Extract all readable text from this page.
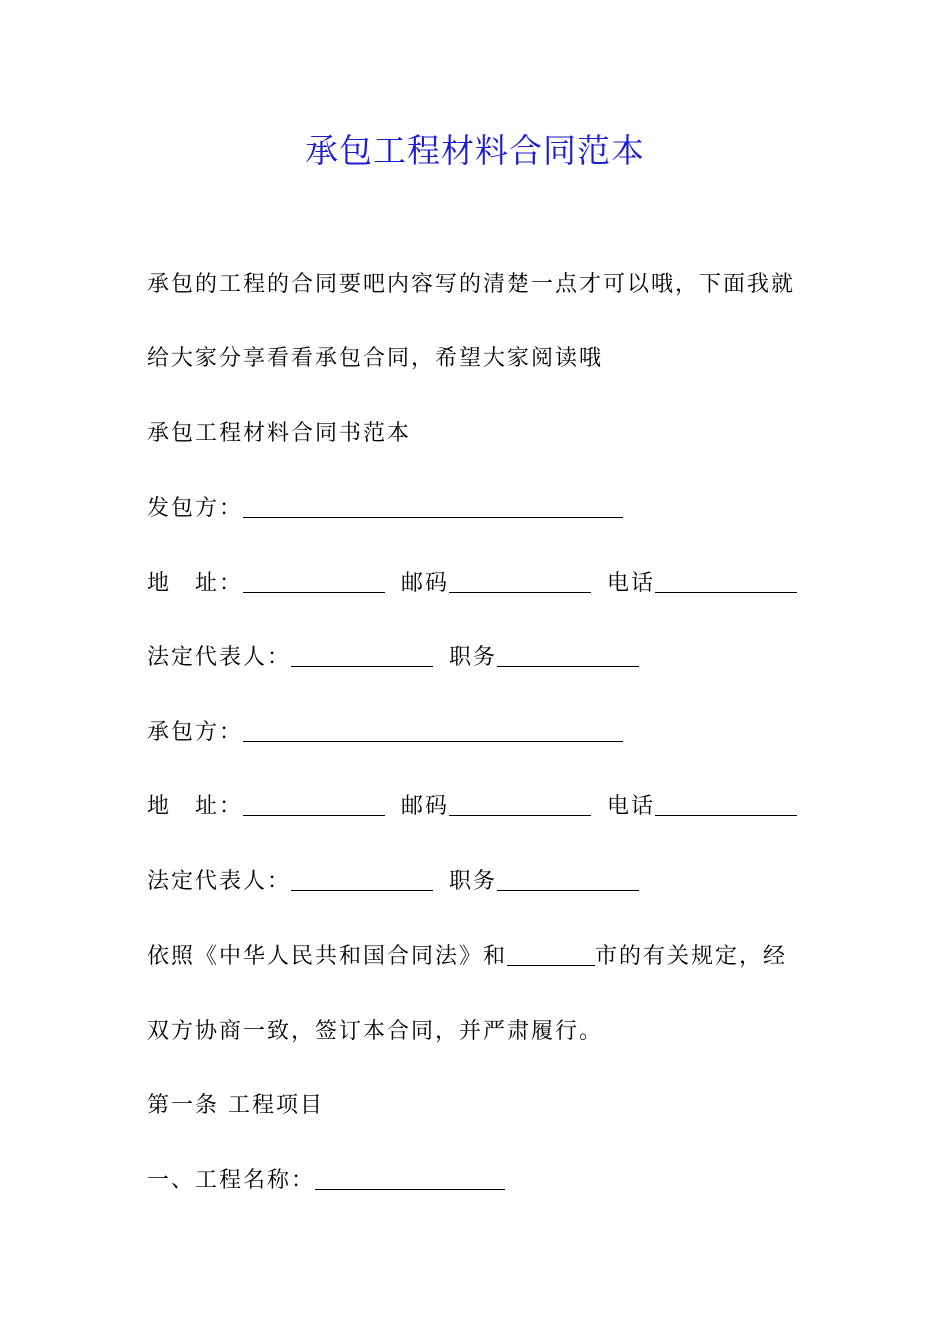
承包工程材料合同范本
承包的工程的合同要吧内容写的清楚一点才可以哦，下面我就
给大家分享看看承包合同，希望大家阅读哦
承包工程材料合同书范本
发包方：
地　址：	邮码	电话
法定代表人：	职务
承包方：
地　址：	邮码	电话
法定代表人：	职务
依照《中华人民共和国合同法》和	市的有关规定，经
双方协商一致，签订本合同，并严肃履行。
第一条 工程项目
一、工程名称：
